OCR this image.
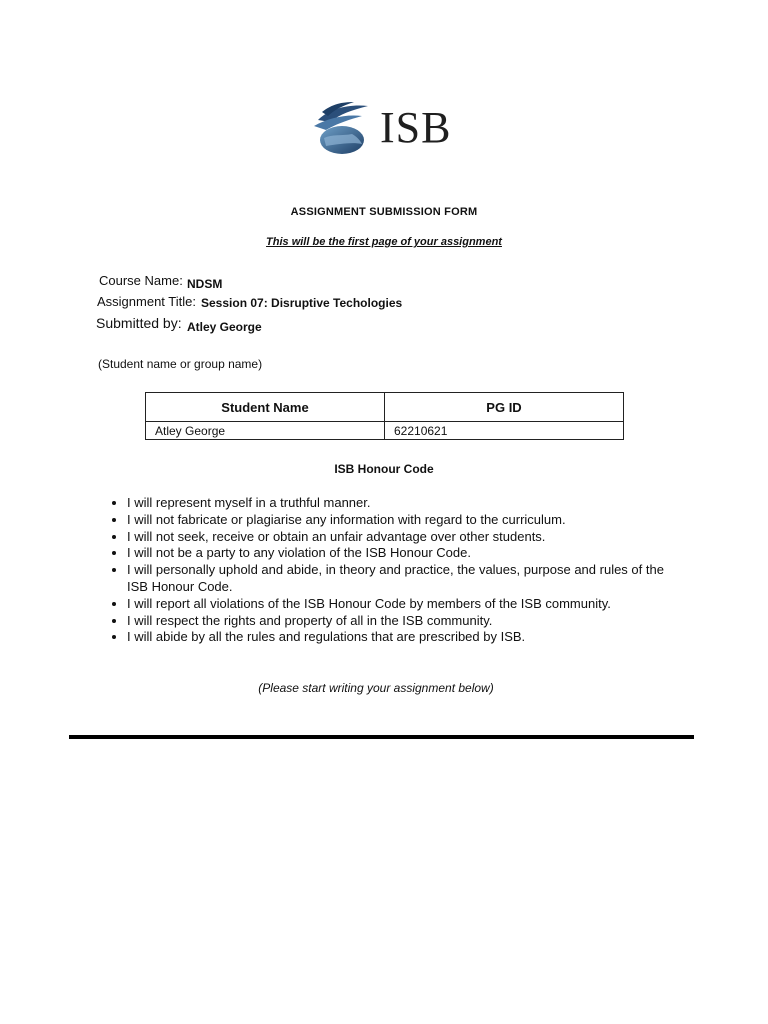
ISB
ASSIGNMENT SUBMISSION FORM
This will be the first page of your assignment
Course Name: NDSM
Assignment Title: Session 07: Disruptive Techologies
Submitted by: Atley George
(Student name or group name)
Student Name	PG ID
Atley George	62210621
ISB Honour Code
• I will represent myself in a truthful manner.
• I will not fabricate or plagiarise any information with regard to the curriculum.
• I will not seek, receive or obtain an unfair advantage over other students.
• I will not be a party to any violation of the ISB Honour Code.
• I will personally uphold and abide, in theory and practice, the values, purpose and rules of the ISB Honour Code.
• I will report all violations of the ISB Honour Code by members of the ISB community.
• I will respect the rights and property of all in the ISB community.
• I will abide by all the rules and regulations that are prescribed by ISB.
(Please start writing your assignment below)
